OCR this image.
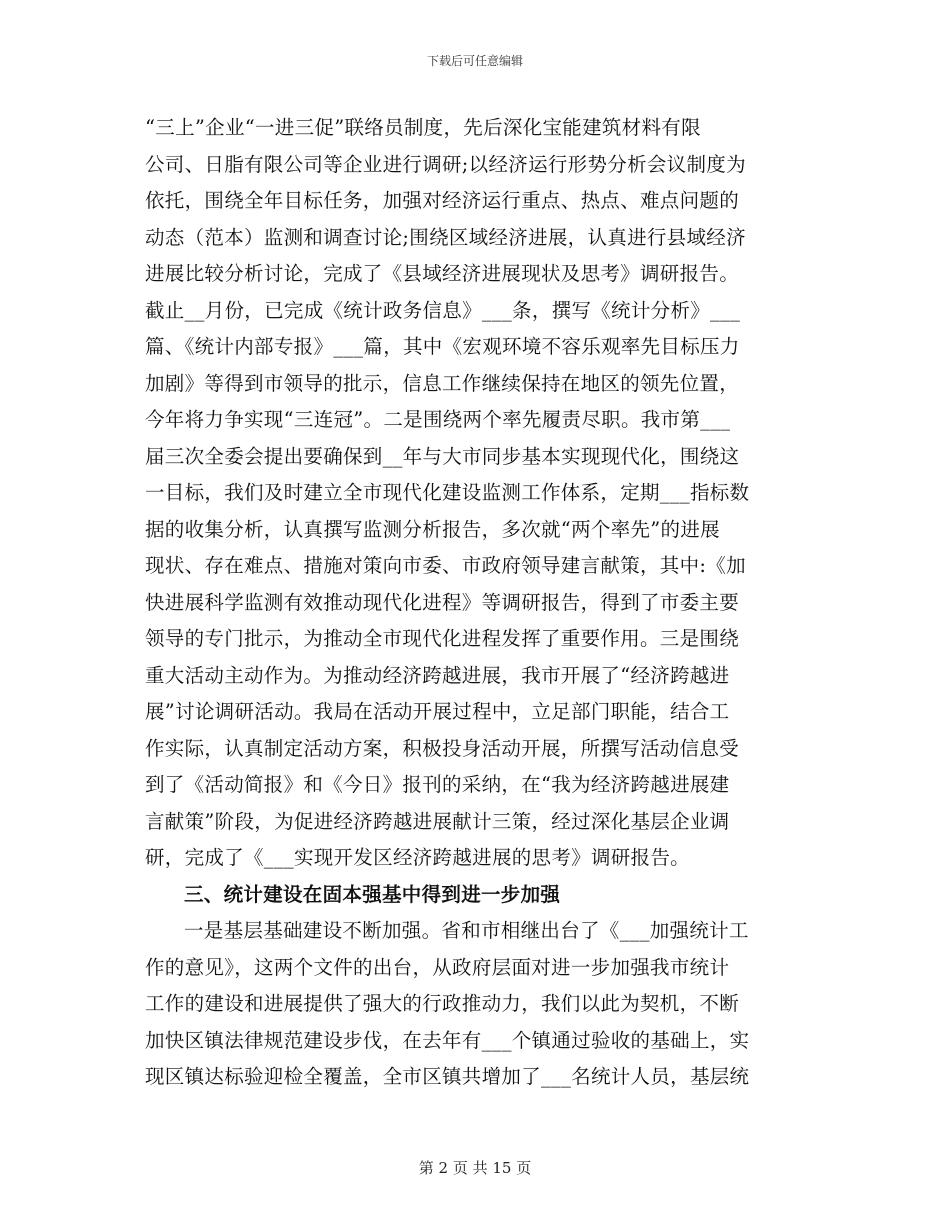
下载后可任意编辑
“三上”企业“一进三促”联络员制度，先后深化宝能建筑材料有限
公司、日脂有限公司等企业进行调研;以经济运行形势分析会议制度为
依托，围绕全年目标任务，加强对经济运行重点、热点、难点问题的
动态（范本）监测和调查讨论;围绕区域经济进展，认真进行县域经济
进展比较分析讨论，完成了《县域经济进展现状及思考》调研报告。
截止__月份，已完成《统计政务信息》___条，撰写《统计分析》___
篇、《统计内部专报》___篇，其中《宏观环境不容乐观率先目标压力
加剧》等得到市领导的批示，信息工作继续保持在地区的领先位置，
今年将力争实现“三连冠”。二是围绕两个率先履责尽职。我市第___
届三次全委会提出要确保到__年与大市同步基本实现现代化，围绕这
一目标，我们及时建立全市现代化建设监测工作体系，定期___指标数
据的收集分析，认真撰写监测分析报告，多次就“两个率先”的进展
现状、存在难点、措施对策向市委、市政府领导建言献策，其中:《加
快进展科学监测有效推动现代化进程》等调研报告，得到了市委主要
领导的专门批示，为推动全市现代化进程发挥了重要作用。三是围绕
重大活动主动作为。为推动经济跨越进展，我市开展了“经济跨越进
展”讨论调研活动。我局在活动开展过程中，立足部门职能，结合工
作实际，认真制定活动方案，积极投身活动开展，所撰写活动信息受
到了《活动简报》和《今日》报刊的采纳，在“我为经济跨越进展建
言献策”阶段，为促进经济跨越进展献计三策，经过深化基层企业调
研，完成了《___实现开发区经济跨越进展的思考》调研报告。
三、统计建设在固本强基中得到进一步加强
一是基层基础建设不断加强。省和市相继出台了《___加强统计工
作的意见》，这两个文件的出台，从政府层面对进一步加强我市统计
工作的建设和进展提供了强大的行政推动力，我们以此为契机，不断
加快区镇法律规范建设步伐，在去年有___个镇通过验收的基础上，实
现区镇达标验迎检全覆盖，全市区镇共增加了___名统计人员，基层统
第 2 页 共 15 页
